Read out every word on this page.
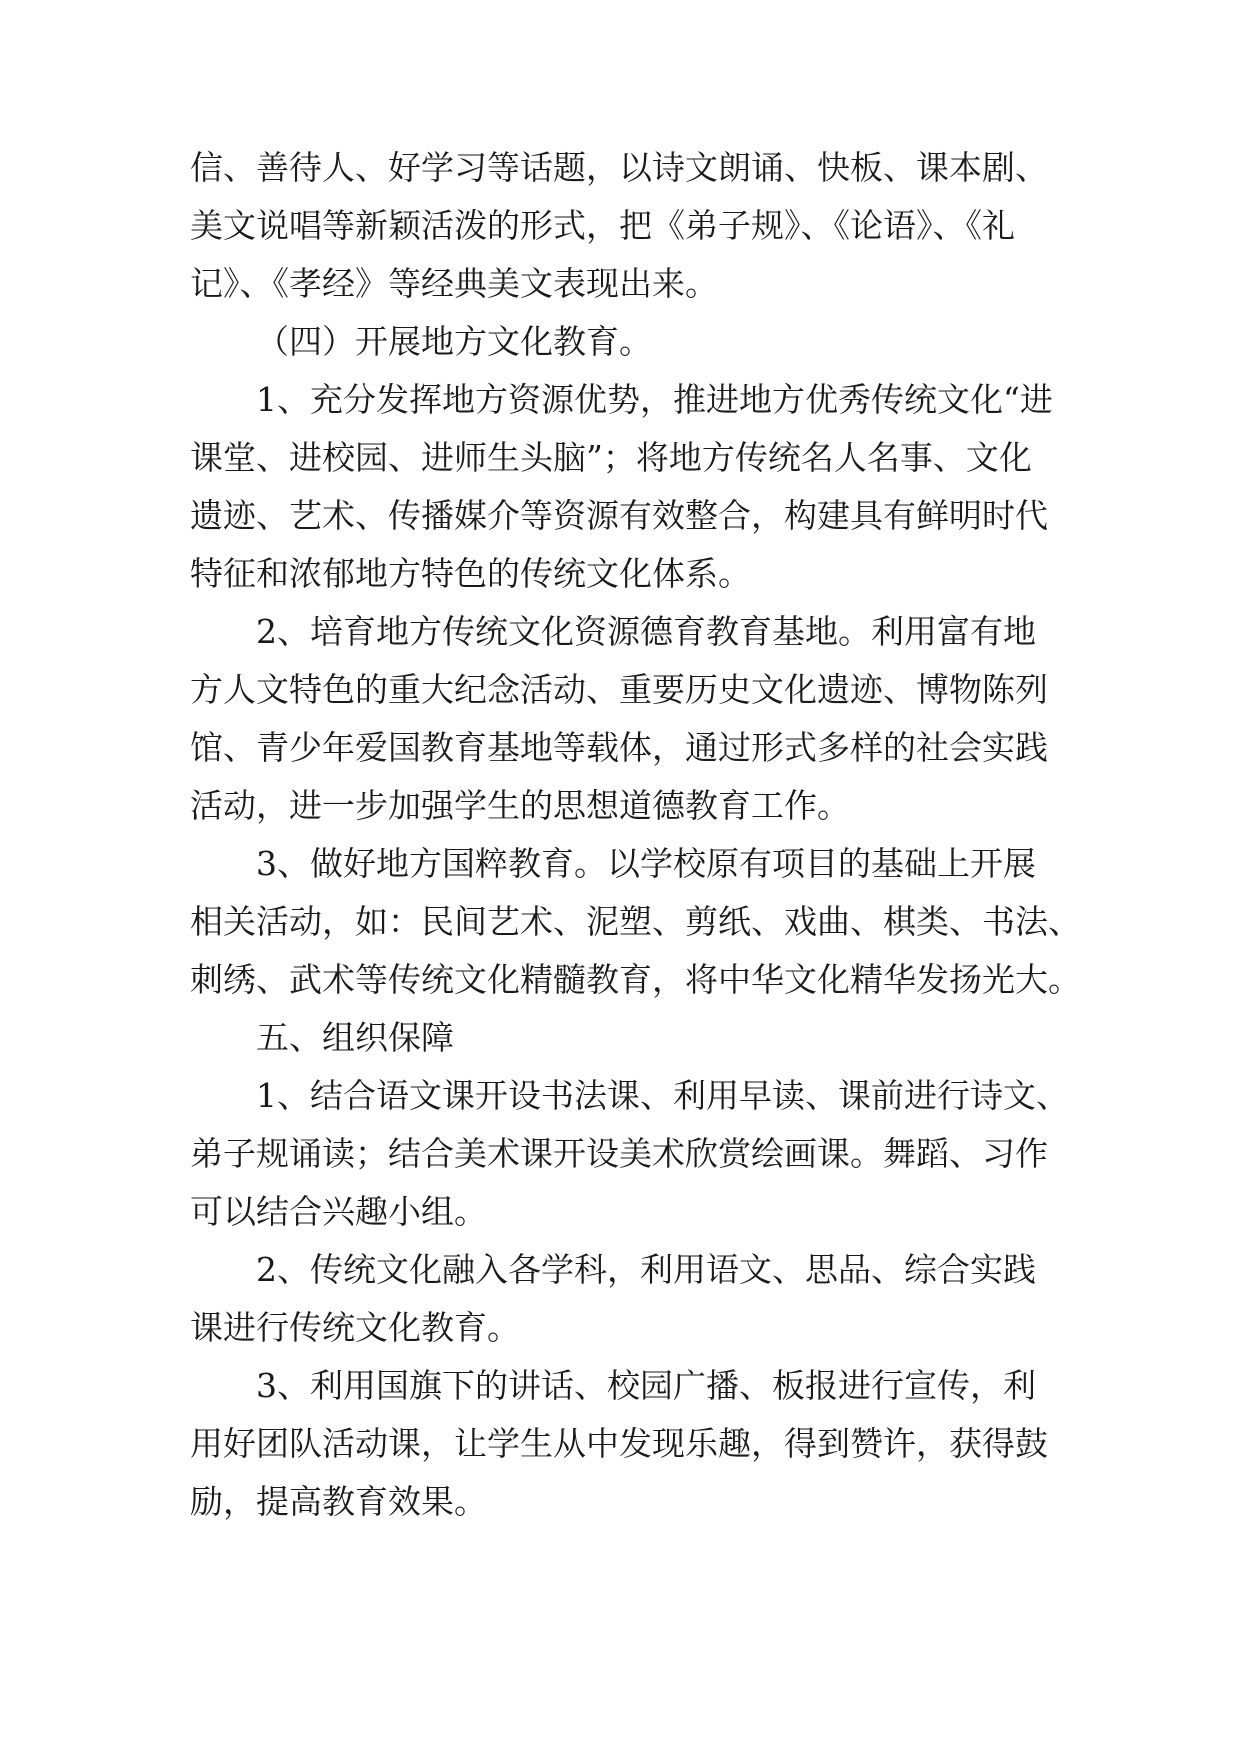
信、善待人、好学习等话题，以诗文朗诵、快板、课本剧、
美文说唱等新颖活泼的形式，把《弟子规》、《论语》、《礼
记》、《孝经》等经典美文表现出来。
（四）开展地方文化教育。
1、充分发挥地方资源优势，推进地方优秀传统文化“进
课堂、进校园、进师生头脑”；将地方传统名人名事、文化
遗迹、艺术、传播媒介等资源有效整合，构建具有鲜明时代
特征和浓郁地方特色的传统文化体系。
2、培育地方传统文化资源德育教育基地。利用富有地
方人文特色的重大纪念活动、重要历史文化遗迹、博物陈列
馆、青少年爱国教育基地等载体，通过形式多样的社会实践
活动，进一步加强学生的思想道德教育工作。
3、做好地方国粹教育。以学校原有项目的基础上开展
相关活动，如：民间艺术、泥塑、剪纸、戏曲、棋类、书法、
刺绣、武术等传统文化精髓教育，将中华文化精华发扬光大。
五、组织保障
1、结合语文课开设书法课、利用早读、课前进行诗文、
弟子规诵读；结合美术课开设美术欣赏绘画课。舞蹈、习作
可以结合兴趣小组。
2、传统文化融入各学科，利用语文、思品、综合实践
课进行传统文化教育。
3、利用国旗下的讲话、校园广播、板报进行宣传，利
用好团队活动课，让学生从中发现乐趣，得到赞许，获得鼓
励，提高教育效果。
